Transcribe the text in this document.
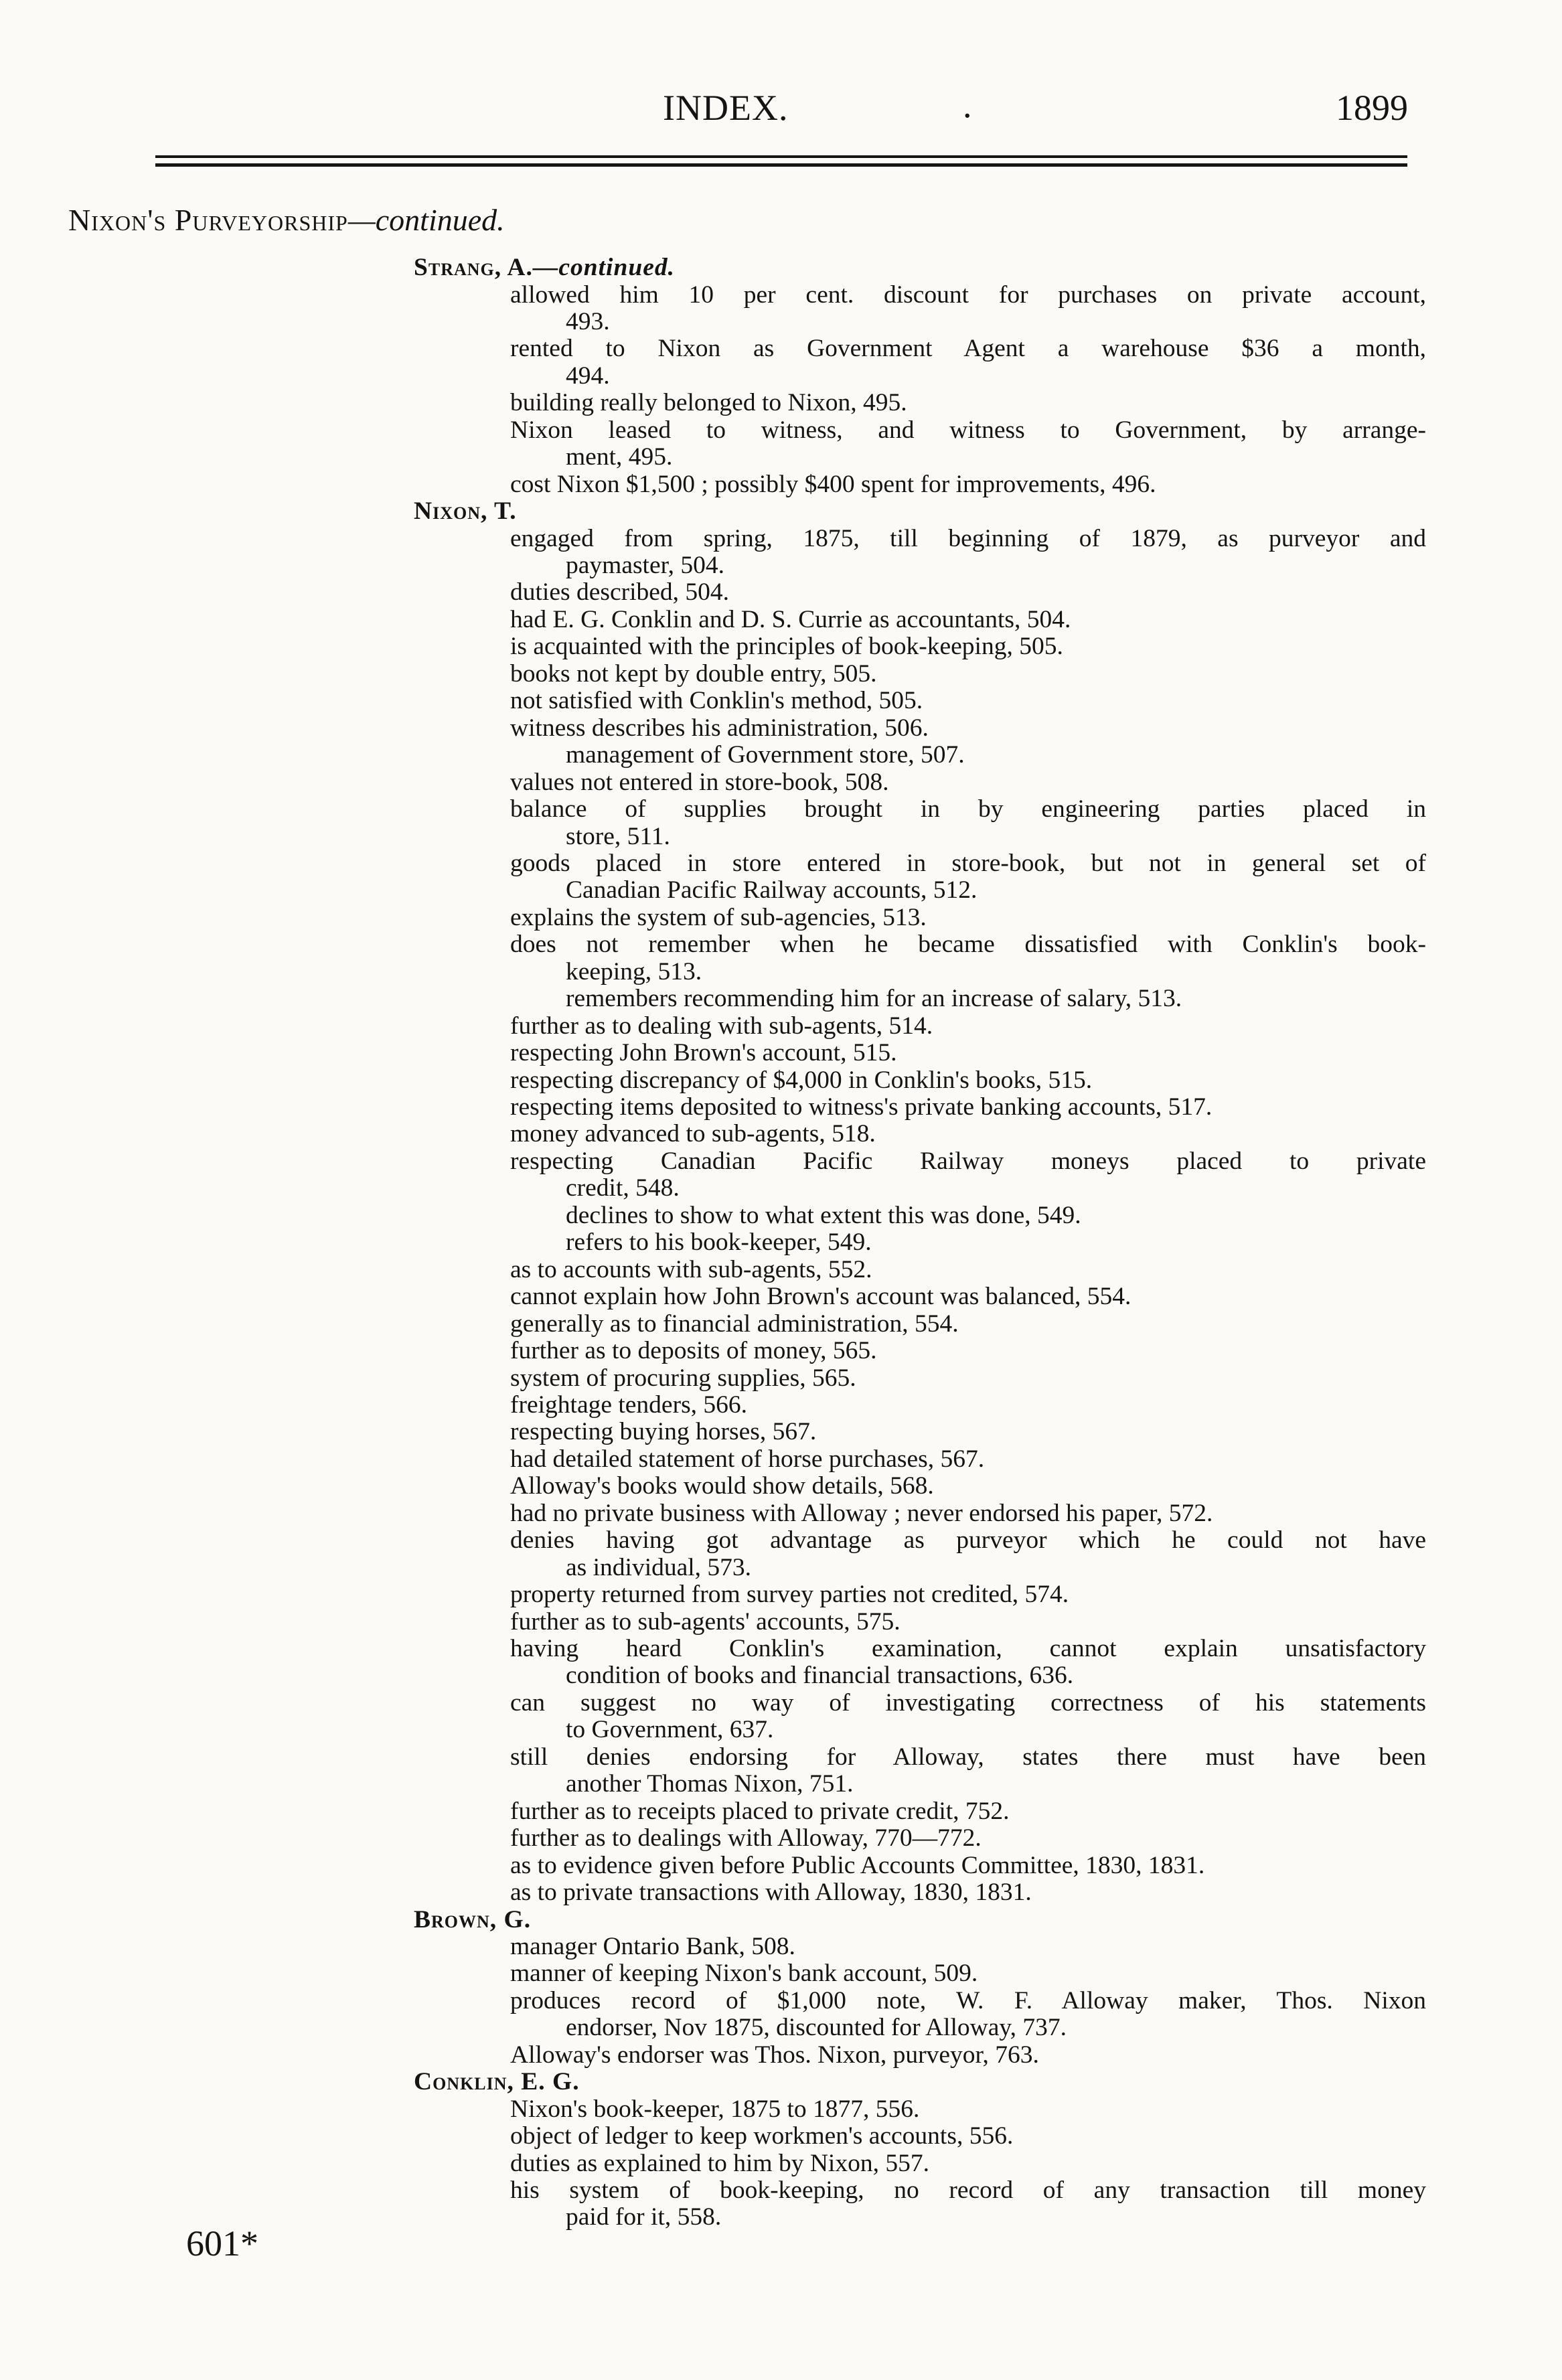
INDEX.	.	1899
Nixon's Purveyorship—continued.
Strang, A.—continued.
allowed him 10 per cent. discount for purchases on private account,
493.
rented to Nixon as Government Agent a warehouse $36 a month,
494.
building really belonged to Nixon, 495.
Nixon leased to witness, and witness to Government, by arrange-
ment, 495.
cost Nixon $1,500 ; possibly $400 spent for improvements, 496.
Nixon, T.
engaged from spring, 1875, till beginning of 1879, as purveyor and
paymaster, 504.
duties described, 504.
had E. G. Conklin and D. S. Currie as accountants, 504.
is acquainted with the principles of book-keeping, 505.
books not kept by double entry, 505.
not satisfied with Conklin's method, 505.
witness describes his administration, 506.
management of Government store, 507.
values not entered in store-book, 508.
balance of supplies brought in by engineering parties placed in
store, 511.
goods placed in store entered in store-book, but not in general set of
Canadian Pacific Railway accounts, 512.
explains the system of sub-agencies, 513.
does not remember when he became dissatisfied with Conklin's book-
keeping, 513.
remembers recommending him for an increase of salary, 513.
further as to dealing with sub-agents, 514.
respecting John Brown's account, 515.
respecting discrepancy of $4,000 in Conklin's books, 515.
respecting items deposited to witness's private banking accounts, 517.
money advanced to sub-agents, 518.
respecting Canadian Pacific Railway moneys placed to private
credit, 548.
declines to show to what extent this was done, 549.
refers to his book-keeper, 549.
as to accounts with sub-agents, 552.
cannot explain how John Brown's account was balanced, 554.
generally as to financial administration, 554.
further as to deposits of money, 565.
system of procuring supplies, 565.
freightage tenders, 566.
respecting buying horses, 567.
had detailed statement of horse purchases, 567.
Alloway's books would show details, 568.
had no private business with Alloway ; never endorsed his paper, 572.
denies having got advantage as purveyor which he could not have
as individual, 573.
property returned from survey parties not credited, 574.
further as to sub-agents' accounts, 575.
having heard Conklin's examination, cannot explain unsatisfactory
condition of books and financial transactions, 636.
can suggest no way of investigating correctness of his statements
to Government, 637.
still denies endorsing for Alloway, states there must have been
another Thomas Nixon, 751.
further as to receipts placed to private credit, 752.
further as to dealings with Alloway, 770—772.
as to evidence given before Public Accounts Committee, 1830, 1831.
as to private transactions with Alloway, 1830, 1831.
Brown, G.
manager Ontario Bank, 508.
manner of keeping Nixon's bank account, 509.
produces record of $1,000 note, W. F. Alloway maker, Thos. Nixon
endorser, Nov 1875, discounted for Alloway, 737.
Alloway's endorser was Thos. Nixon, purveyor, 763.
Conklin, E. G.
Nixon's book-keeper, 1875 to 1877, 556.
object of ledger to keep workmen's accounts, 556.
duties as explained to him by Nixon, 557.
his system of book-keeping, no record of any transaction till money
paid for it, 558.
601*
